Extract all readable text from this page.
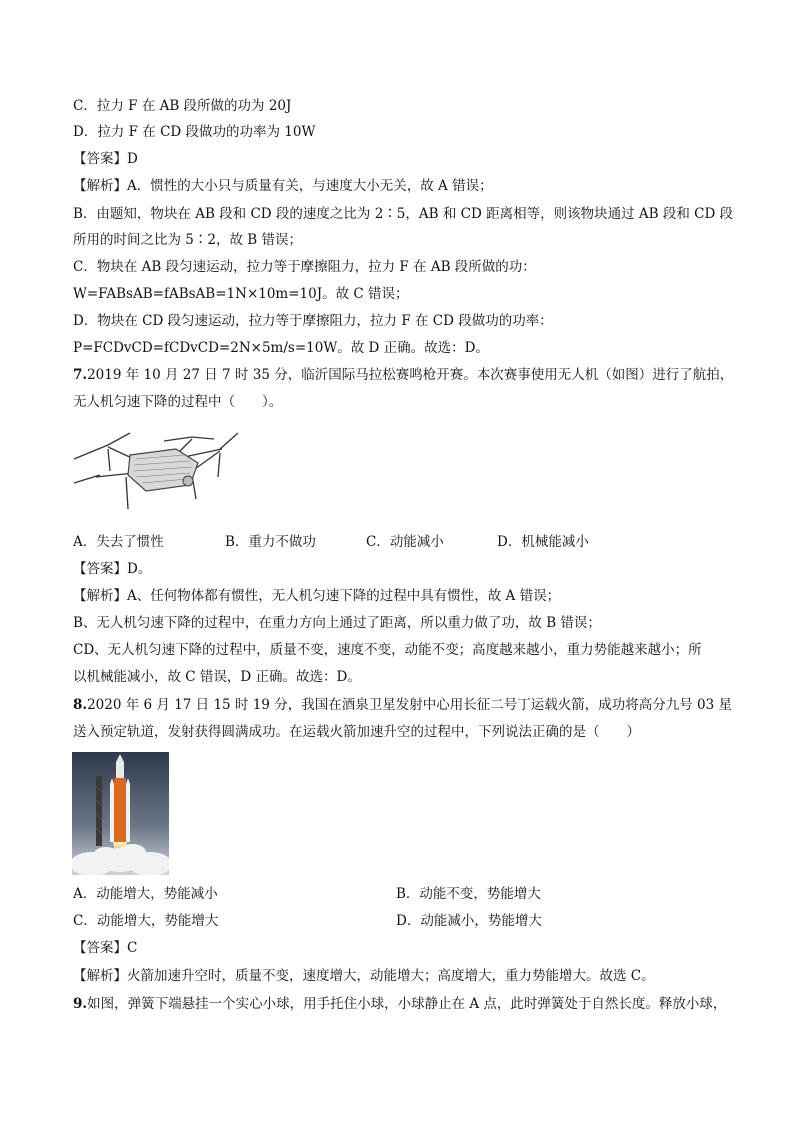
C．拉力 F 在 AB 段所做的功为 20J
D．拉力 F 在 CD 段做功的功率为 10W
【答案】D
【解析】A．惯性的大小只与质量有关，与速度大小无关，故 A 错误；
B．由题知，物块在 AB 段和 CD 段的速度之比为 2∶5，AB 和 CD 距离相等，则该物块通过 AB 段和 CD 段
所用的时间之比为 5∶2，故 B 错误；
C．物块在 AB 段匀速运动，拉力等于摩擦阻力，拉力 F 在 AB 段所做的功：
W=FABsAB=fABsAB=1N×10m=10J。故 C 错误；
D．物块在 CD 段匀速运动，拉力等于摩擦阻力，拉力 F 在 CD 段做功的功率：
P=FCDvCD=fCDvCD=2N×5m/s=10W。故 D 正确。故选：D。
7.2019 年 10 月 27 日 7 时 35 分，临沂国际马拉松赛鸣枪开赛。本次赛事使用无人机（如图）进行了航拍，
无人机匀速下降的过程中（　　）。
A．失去了惯性	B．重力不做功	C．动能减小	D．机械能减小
【答案】D。
【解析】A、任何物体都有惯性，无人机匀速下降的过程中具有惯性，故 A 错误；
B、无人机匀速下降的过程中，在重力方向上通过了距离，所以重力做了功，故 B 错误；
CD、无人机匀速下降的过程中，质量不变，速度不变，动能不变；高度越来越小，重力势能越来越小；所
以机械能减小，故 C 错误，D 正确。故选：D。
8.2020 年 6 月 17 日 15 时 19 分，我国在酒泉卫星发射中心用长征二号丁运载火箭，成功将高分九号 03 星
送入预定轨道，发射获得圆满成功。在运载火箭加速升空的过程中，下列说法正确的是（　　）
A．动能增大，势能减小	B．动能不变，势能增大
C．动能增大，势能增大	D．动能减小，势能增大
【答案】C
【解析】火箭加速升空时，质量不变，速度增大，动能增大；高度增大，重力势能增大。故选 C。
9.如图，弹簧下端悬挂一个实心小球，用手托住小球，小球静止在 A 点，此时弹簧处于自然长度。释放小球，
